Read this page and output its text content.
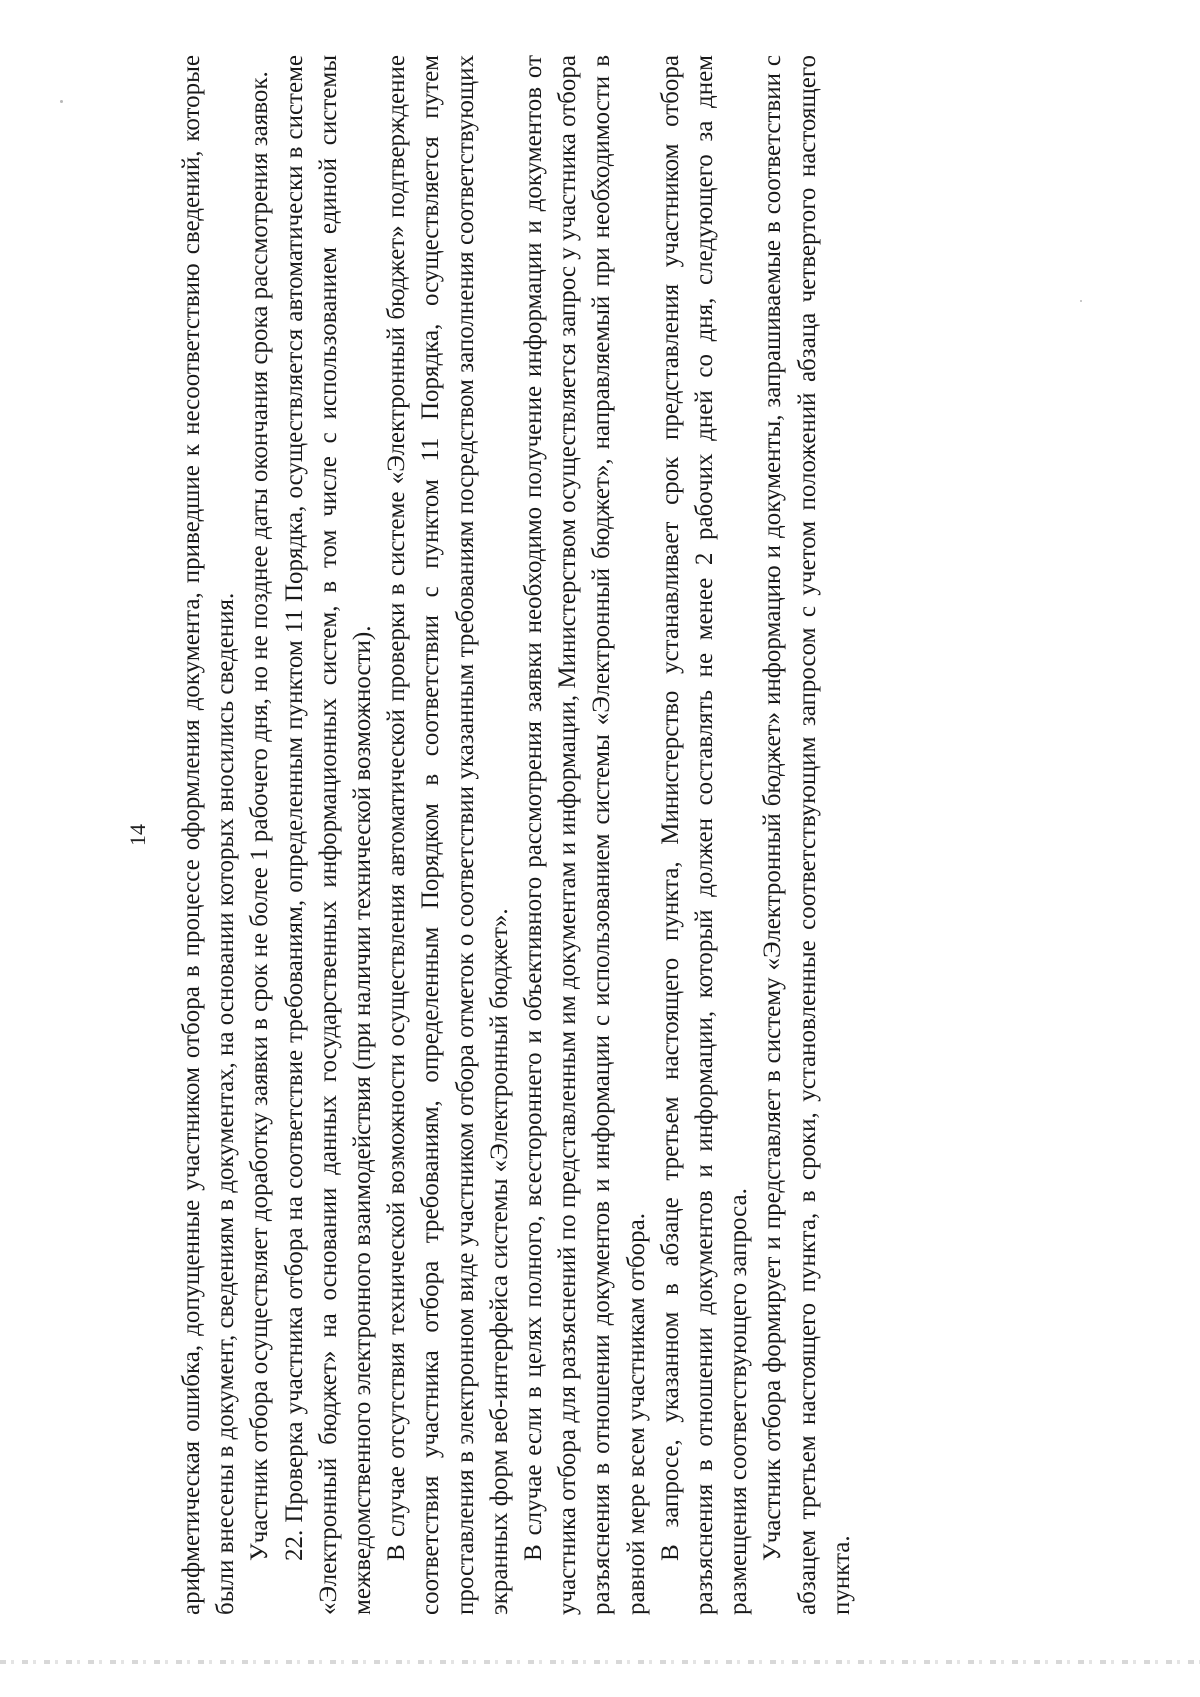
14 арифметическая ошибка, допущенные участником отбора в процессе оформления документа, приведшие к несоответствию сведений, которые были внесены в документ, сведениям в документах, на основании которых вносились сведения. Участник отбора осуществляет доработку заявки в срок не более 1 рабочего дня, но не позднее даты окончания срока рассмотрения заявок. 22. Проверка участника отбора на соответствие требованиям, определенным пунктом 11 Порядка, осуществляется автоматически в системе «Электронный бюджет» на основании данных государственных информационных систем, в том числе с использованием единой системы межведомственного электронного взаимодействия (при наличии технической возможности). В случае отсутствия технической возможности осуществления автоматической проверки в системе «Электронный бюджет» подтверждение соответствия участника отбора требованиям, определенным Порядком в соответствии с пунктом 11 Порядка, осуществляется путем проставления в электронном виде участником отбора отметок о соответствии указанным требованиям посредством заполнения соответствующих экранных форм веб-интерфейса системы «Электронный бюджет». В случае если в целях полного, всестороннего и объективного рассмотрения заявки необходимо получение информации и документов от участника отбора для разъяснений по представленным им документам и информации, Министерством осуществляется запрос у участника отбора разъяснения в отношении документов и информации с использованием системы «Электронный бюджет», направляемый при необходимости в равной мере всем участникам отбора. В запросе, указанном в абзаце третьем настоящего пункта, Министерство устанавливает срок представления участником отбора разъяснения в отношении документов и информации, который должен составлять не менее 2 рабочих дней со дня, следующего за днем размещения соответствующего запроса. Участник отбора формирует и представляет в систему «Электронный бюджет» информацию и документы, запрашиваемые в соответствии с абзацем третьем настоящего пункта, в сроки, установленные соответствующим запросом с учетом положений абзаца четвертого настоящего пункта.
